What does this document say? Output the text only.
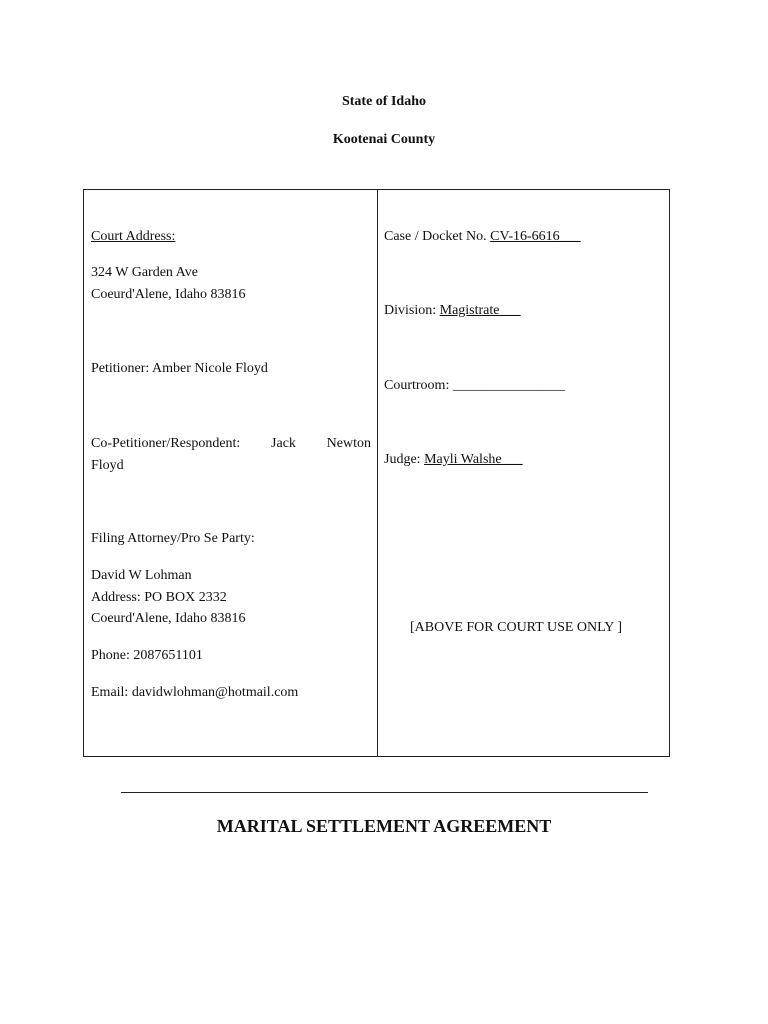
State of Idaho
Kootenai County
Court Address:
324 W Garden Ave
Coeurd'Alene, Idaho 83816
Petitioner: Amber Nicole Floyd
Co-Petitioner/Respondent: Jack Newton
Floyd
Filing Attorney/Pro Se Party:
David W Lohman
Address: PO BOX 2332
Coeurd'Alene, Idaho 83816
Phone: 2087651101
Email: davidwlohman@hotmail.com
Case / Docket No. CV-16-6616___
Division: Magistrate___
Courtroom: ________________
Judge: Mayli Walshe___
[ABOVE FOR COURT USE ONLY ]
MARITAL SETTLEMENT AGREEMENT
